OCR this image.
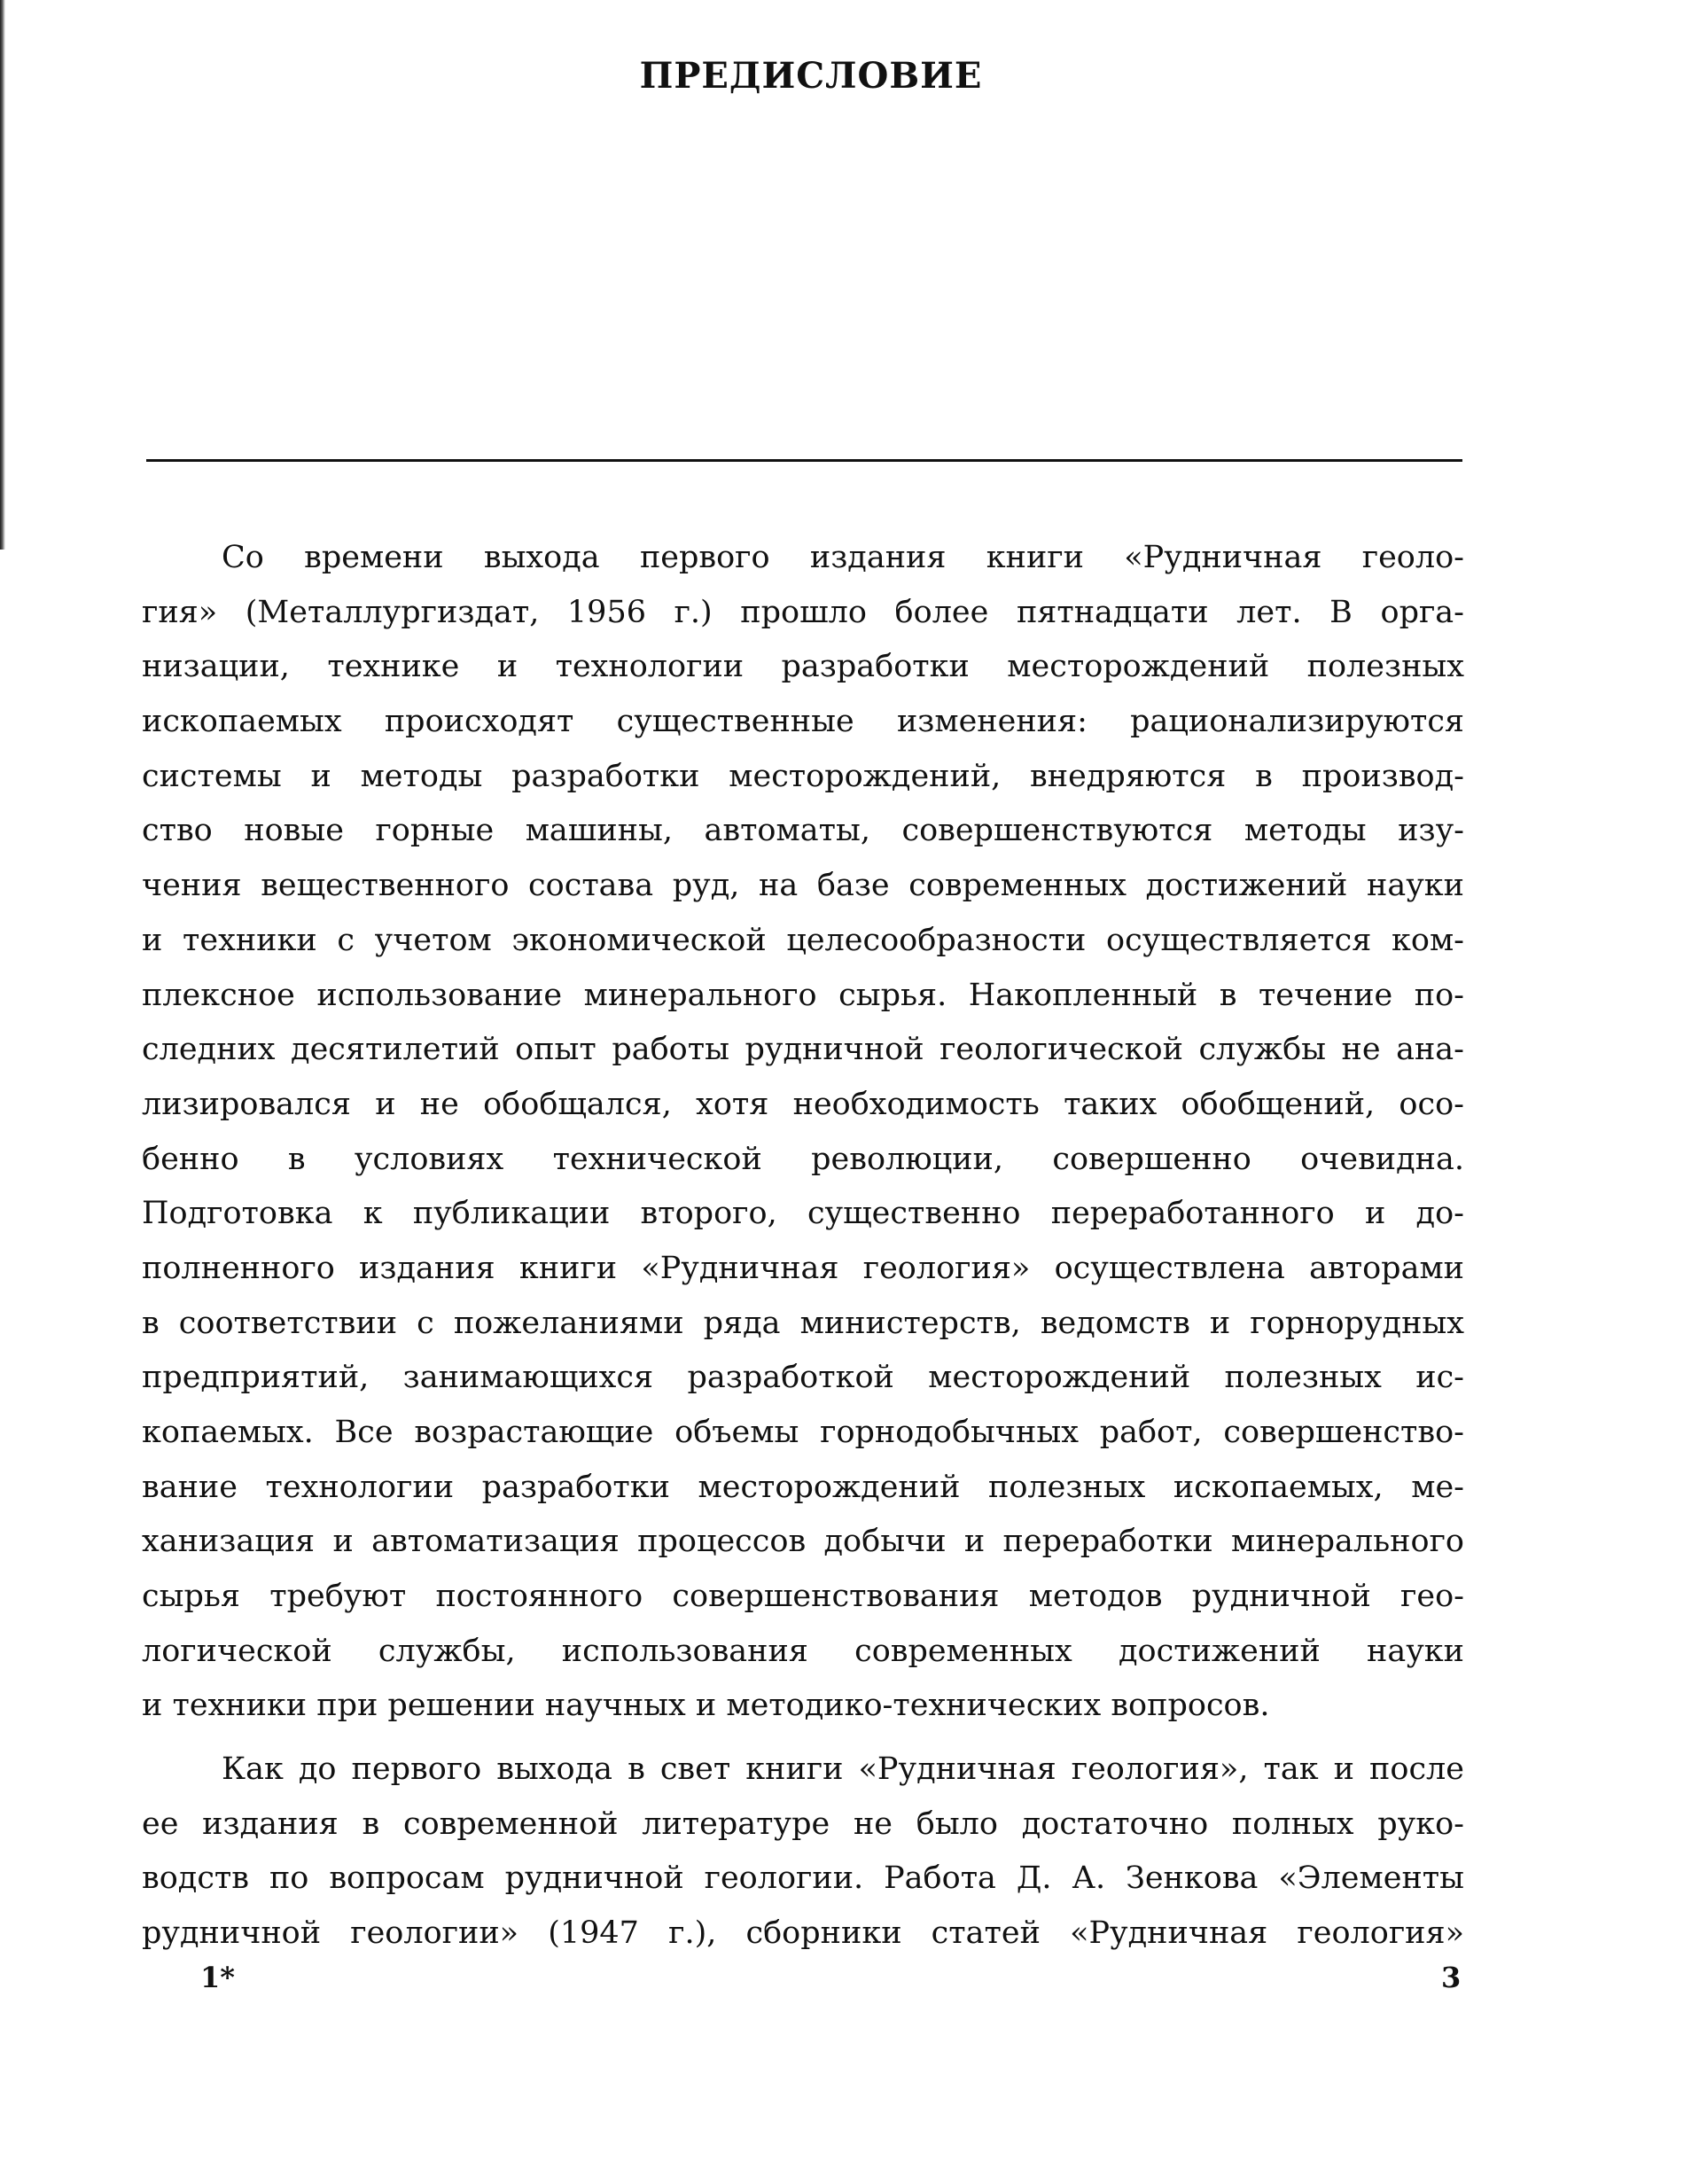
ПРЕДИСЛОВИЕ
Со времени выхода первого издания книги «Рудничная геоло-
гия» (Металлургиздат, 1956 г.) прошло более пятнадцати лет. В орга-
низации, технике и технологии разработки месторождений полезных
ископаемых происходят существенные изменения: рационализируются
системы и методы разработки месторождений, внедряются в производ-
ство новые горные машины, автоматы, совершенствуются методы изу-
чения вещественного состава руд, на базе современных достижений науки
и техники с учетом экономической целесообразности осуществляется ком-
плексное использование минерального сырья. Накопленный в течение по-
следних десятилетий опыт работы рудничной геологической службы не ана-
лизировался и не обобщался, хотя необходимость таких обобщений, осо-
бенно в условиях технической революции, совершенно очевидна.
Подготовка к публикации второго, существенно переработанного и до-
полненного издания книги «Рудничная геология» осуществлена авторами
в соответствии с пожеланиями ряда министерств, ведомств и горнорудных
предприятий, занимающихся разработкой месторождений полезных ис-
копаемых. Все возрастающие объемы горнодобычных работ, совершенство-
вание технологии разработки месторождений полезных ископаемых, ме-
ханизация и автоматизация процессов добычи и переработки минерального
сырья требуют постоянного совершенствования методов рудничной гео-
логической службы, использования современных достижений науки
и техники при решении научных и методико-технических вопросов.
Как до первого выхода в свет книги «Рудничная геология», так и после
ее издания в современной литературе не было достаточно полных руко-
водств по вопросам рудничной геологии. Работа Д. А. Зенкова «Элементы
рудничной геологии» (1947 г.), сборники статей «Рудничная геология»
1*	3
